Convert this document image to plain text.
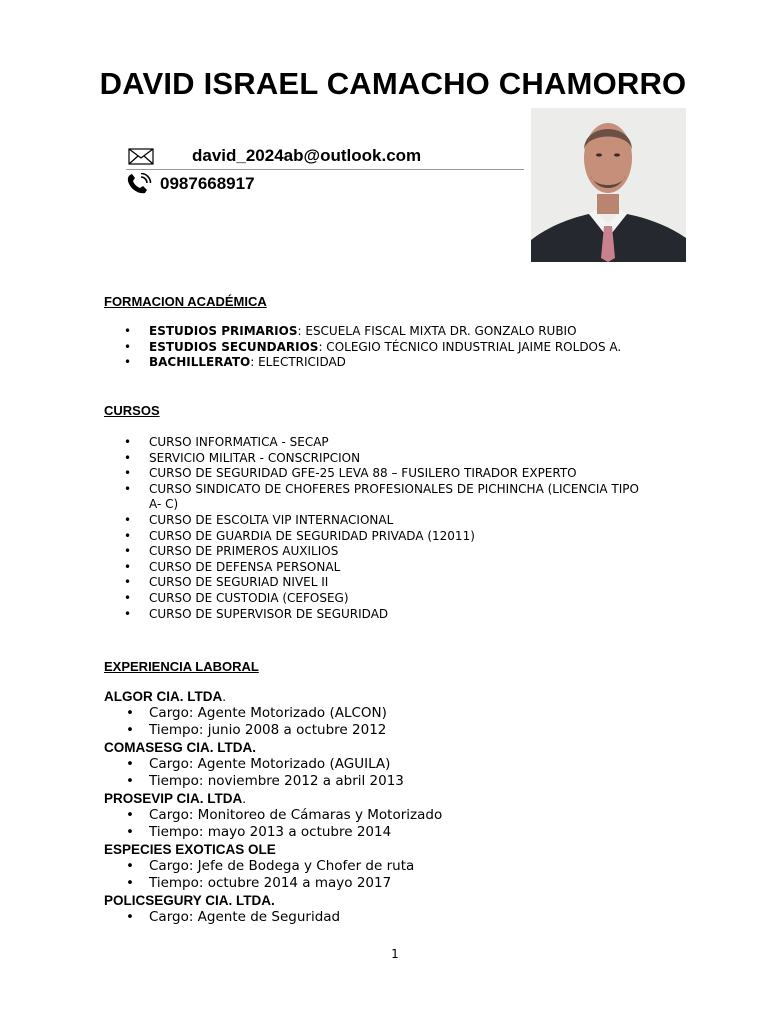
DAVID ISRAEL CAMACHO CHAMORRO
david_2024ab@outlook.com
0987668917
FORMACION ACADÉMICA
• ESTUDIOS PRIMARIOS: ESCUELA FISCAL MIXTA DR. GONZALO RUBIO
• ESTUDIOS SECUNDARIOS: COLEGIO TÉCNICO INDUSTRIAL JAIME ROLDOS A.
• BACHILLERATO: ELECTRICIDAD
CURSOS
• CURSO INFORMATICA - SECAP
• SERVICIO MILITAR - CONSCRIPCION
• CURSO DE SEGURIDAD GFE-25 LEVA 88 – FUSILERO TIRADOR EXPERTO
• CURSO SINDICATO DE CHOFERES PROFESIONALES DE PICHINCHA (LICENCIA TIPO A- C)
• CURSO DE ESCOLTA VIP INTERNACIONAL
• CURSO DE GUARDIA DE SEGURIDAD PRIVADA (12011)
• CURSO DE PRIMEROS AUXILIOS
• CURSO DE DEFENSA PERSONAL
• CURSO DE SEGURIAD NIVEL II
• CURSO DE CUSTODIA (CEFOSEG)
• CURSO DE SUPERVISOR DE SEGURIDAD
EXPERIENCIA LABORAL
ALGOR CIA. LTDA.
• Cargo: Agente Motorizado (ALCON)
• Tiempo: junio 2008 a octubre 2012
COMASESG CIA. LTDA.
• Cargo: Agente Motorizado (AGUILA)
• Tiempo: noviembre 2012 a abril 2013
PROSEVIP CIA. LTDA.
• Cargo: Monitoreo de Cámaras y Motorizado
• Tiempo: mayo 2013 a octubre 2014
ESPECIES EXOTICAS OLE
• Cargo: Jefe de Bodega y Chofer de ruta
• Tiempo: octubre 2014 a mayo 2017
POLICSEGURY CIA. LTDA.
• Cargo: Agente de Seguridad
1
